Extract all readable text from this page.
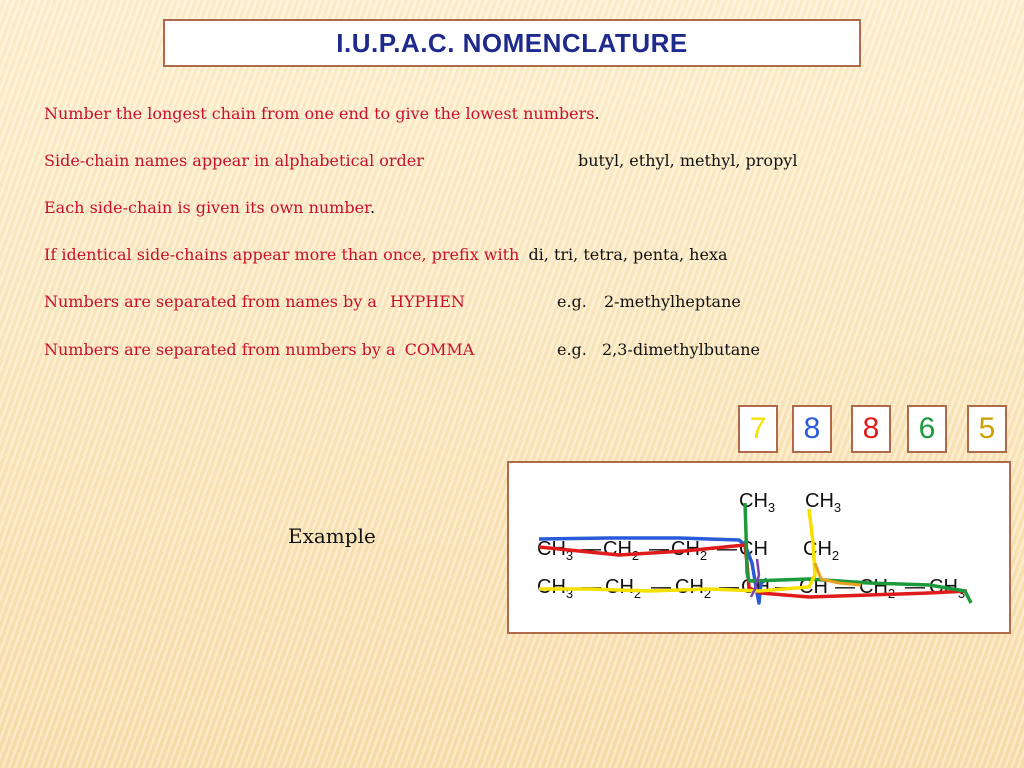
I.U.P.A.C. NOMENCLATURE
Number the longest chain from one end to give the lowest numbers.
Side-chain names appear in alphabetical order	butyl, ethyl, methyl, propyl
Each side-chain is given its own number.
If identical side-chains appear more than once, prefix with di, tri, tetra, penta, hexa
Numbers are separated from names by a HYPHEN	e.g. 2-methylheptane
Numbers are separated from numbers by a COMMA	e.g. 2,3-dimethylbutane
7 8 8 6 5
Example
$CH_3$ $CH_3$
$CH_3$ — $CH_2$ — $CH_2$ — CH $CH_2$
$CH_3$ — $CH_2$ — $CH_2$ — CH — CH — $CH_2$ — $CH_3$
